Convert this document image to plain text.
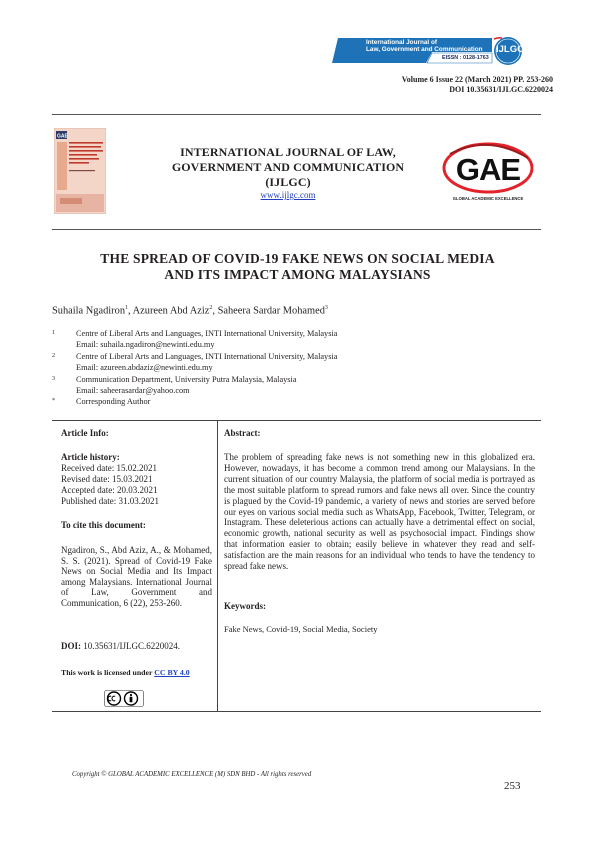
International Journal of
Law, Government and Communication
EISSN : 0128-1763
IJLGC
Volume 6 Issue 22 (March 2021) PP. 253-260
DOI 10.35631/IJLGC.6220024
GAE
INTERNATIONAL JOURNAL OF LAW,
GOVERNMENT AND COMMUNICATION
(IJLGC)
www.ijlgc.com
GAE
GLOBAL ACADEMIC EXCELLENCE
THE SPREAD OF COVID-19 FAKE NEWS ON SOCIAL MEDIA
AND ITS IMPACT AMONG MALAYSIANS
Suhaila Ngadiron$^1$, Azureen Abd Aziz$^2$, Saheera Sardar Mohamed$^3$
1	Centre of Liberal Arts and Languages, INTI International University, Malaysia
Email: suhaila.ngadiron@newinti.edu.my
2	Centre of Liberal Arts and Languages, INTI International University, Malaysia
Email: azureen.abdaziz@newinti.edu.my
3	Communication Department, University Putra Malaysia, Malaysia
Email: saheerasardar@yahoo.com
*	Corresponding Author
Article Info:
Article history:
Received date: 15.02.2021
Revised date: 15.03.2021
Accepted date: 20.03.2021
Published date: 31.03.2021
To cite this document:
Ngadiron, S., Abd Aziz, A., & Mohamed, S. S. (2021). Spread of Covid-19 Fake News on Social Media and Its Impact among Malaysians. International Journal of Law, Government and Communication, 6 (22), 253-260.
DOI: 10.35631/IJLGC.6220024.
This work is licensed under CC BY 4.0
Abstract:
The problem of spreading fake news is not something new in this globalized era. However, nowadays, it has become a common trend among our Malaysians. In the current situation of our country Malaysia, the platform of social media is portrayed as the most suitable platform to spread rumors and fake news all over. Since the country is plagued by the Covid-19 pandemic, a variety of news and stories are served before our eyes on various social media such as WhatsApp, Facebook, Twitter, Telegram, or Instagram. These deleterious actions can actually have a detrimental effect on social, economic growth, national security as well as psychosocial impact. Findings show that information easier to obtain; easily believe in whatever they read and self-satisfaction are the main reasons for an individual who tends to have the tendency to spread fake news.
Keywords:
Fake News, Covid-19, Social Media, Society
Copyright © GLOBAL ACADEMIC EXCELLENCE (M) SDN BHD - All rights reserved
253
